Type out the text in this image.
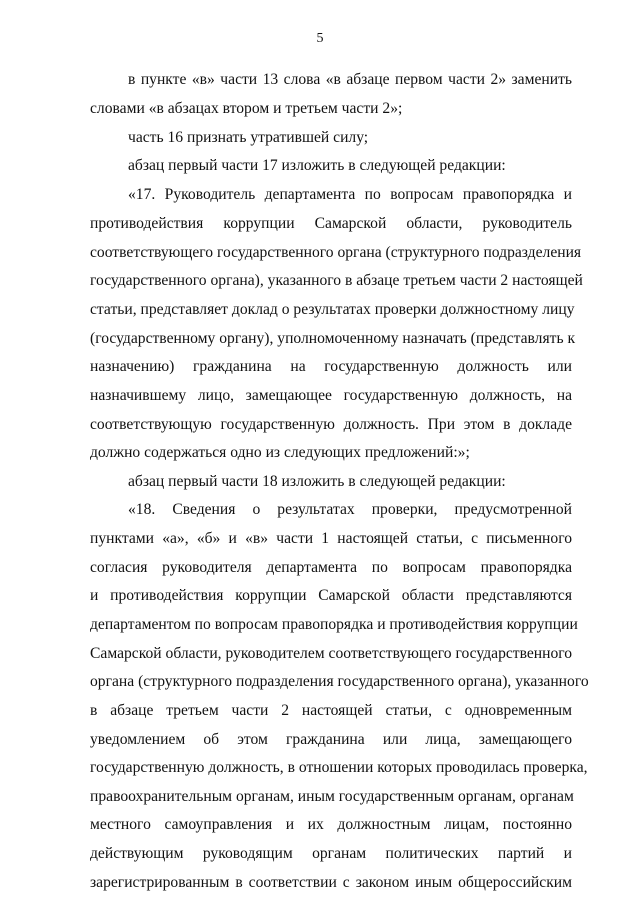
5
в пункте «в» части 13 слова «в абзаце первом части 2» заменить
словами «в абзацах втором и третьем части 2»;
часть 16 признать утратившей силу;
абзац первый части 17 изложить в следующей редакции:
«17. Руководитель департамента по вопросам правопорядка и
противодействия коррупции Самарской области, руководитель
соответствующего государственного органа (структурного подразделения
государственного органа), указанного в абзаце третьем части 2 настоящей
статьи, представляет доклад о результатах проверки должностному лицу
(государственному органу), уполномоченному назначать (представлять к
назначению) гражданина на государственную должность или
назначившему лицо, замещающее государственную должность, на
соответствующую государственную должность. При этом в докладе
должно содержаться одно из следующих предложений:»;
абзац первый части 18 изложить в следующей редакции:
«18. Сведения о результатах проверки, предусмотренной
пунктами «а», «б» и «в» части 1 настоящей статьи, с письменного
согласия руководителя департамента по вопросам правопорядка
и противодействия коррупции Самарской области представляются
департаментом по вопросам правопорядка и противодействия коррупции
Самарской области, руководителем соответствующего государственного
органа (структурного подразделения государственного органа), указанного
в абзаце третьем части 2 настоящей статьи, с одновременным
уведомлением об этом гражданина или лица, замещающего
государственную должность, в отношении которых проводилась проверка,
правоохранительным органам, иным государственным органам, органам
местного самоуправления и их должностным лицам, постоянно
действующим руководящим органам политических партий и
зарегистрированным в соответствии с законом иным общероссийским
